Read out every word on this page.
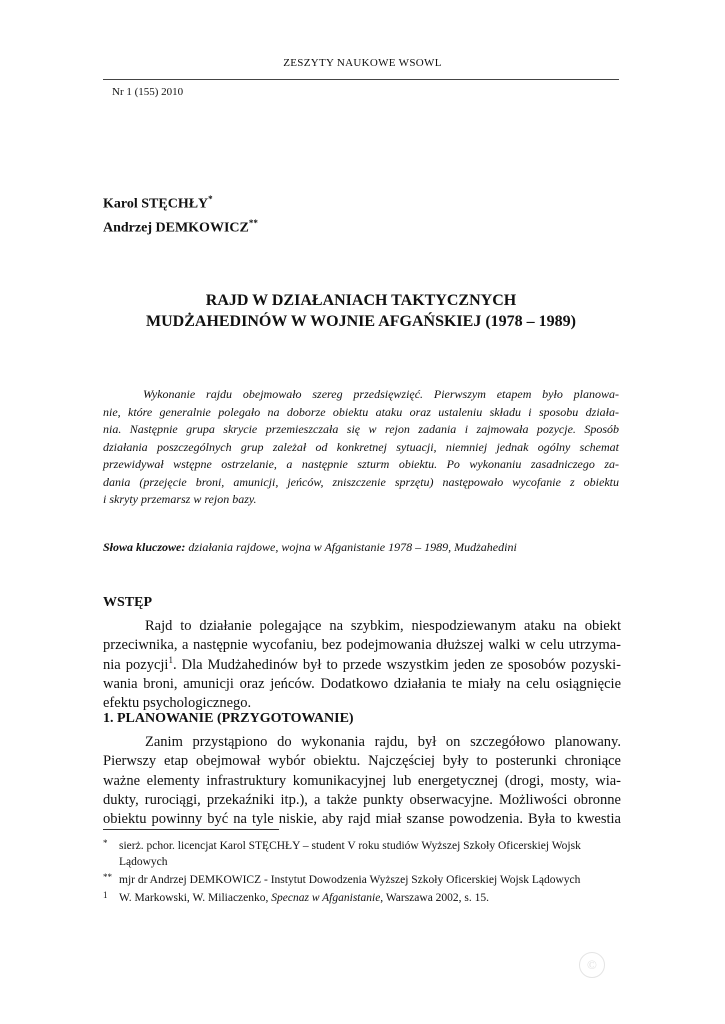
ZESZYTY NAUKOWE WSOWL
Nr 1 (155) 2010
Karol STĘCHŁY*
Andrzej DEMKOWICZ**
RAJD W DZIAŁANIACH TAKTYCZNYCH
MUDŻAHEDINÓW W WOJNIE AFGAŃSKIEJ (1978 – 1989)
Wykonanie rajdu obejmowało szereg przedsięwzięć. Pierwszym etapem było planowa-
nie, które generalnie polegało na doborze obiektu ataku oraz ustaleniu składu i sposobu działa-
nia. Następnie grupa skrycie przemieszczała się w rejon zadania i zajmowała pozycje. Sposób
działania poszczególnych grup zależał od konkretnej sytuacji, niemniej jednak ogólny schemat
przewidywał wstępne ostrzelanie, a następnie szturm obiektu. Po wykonaniu zasadniczego za-
dania (przejęcie broni, amunicji, jeńców, zniszczenie sprzętu) następowało wycofanie z obiektu
i skryty przemarsz w rejon bazy.
Słowa kluczowe: działania rajdowe, wojna w Afganistanie 1978 – 1989, Mudżahedini
WSTĘP
Rajd to działanie polegające na szybkim, niespodziewanym ataku na obiekt
przeciwnika, a następnie wycofaniu, bez podejmowania dłuższej walki w celu utrzyma-
nia pozycji$^1$. Dla Mudżahedinów był to przede wszystkim jeden ze sposobów pozyski-
wania broni, amunicji oraz jeńców. Dodatkowo działania te miały na celu osiągnięcie
efektu psychologicznego.
1. PLANOWANIE (PRZYGOTOWANIE)
Zanim przystąpiono do wykonania rajdu, był on szczegółowo planowany.
Pierwszy etap obejmował wybór obiektu. Najczęściej były to posterunki chroniące
ważne elementy infrastruktury komunikacyjnej lub energetycznej (drogi, mosty, wia-
dukty, rurociągi, przekaźniki itp.), a także punkty obserwacyjne. Możliwości obronne
obiektu powinny być na tyle niskie, aby rajd miał szanse powodzenia. Była to kwestia
* sierż. pchor. licencjat Karol STĘCHŁY – student V roku studiów Wyższej Szkoły Oficerskiej Wojsk
Lądowych
** mjr dr Andrzej DEMKOWICZ - Instytut Dowodzenia Wyższej Szkoły Oficerskiej Wojsk Lądowych
1 W. Markowski, W. Miliaczenko, Specnaz w Afganistanie, Warszawa 2002, s. 15.
©
